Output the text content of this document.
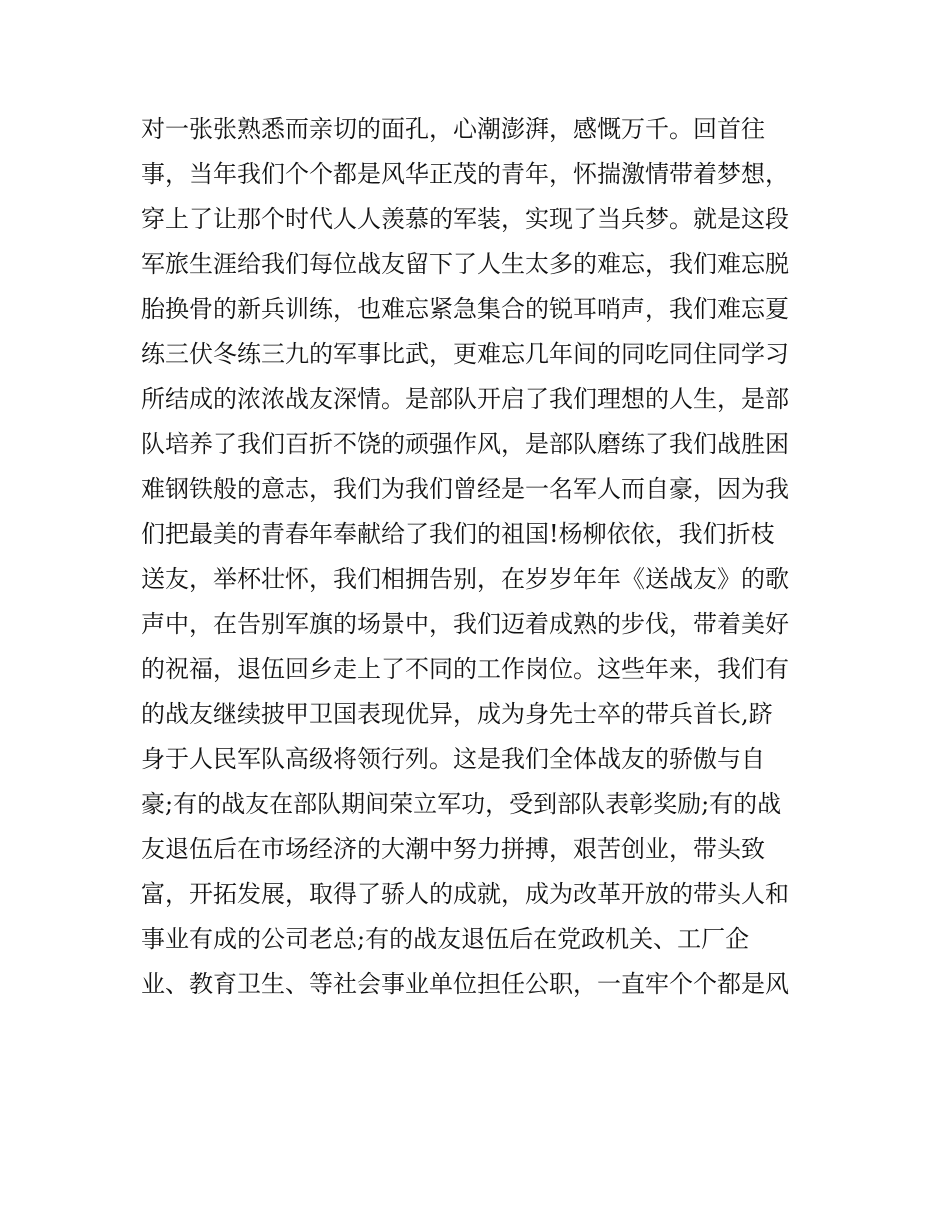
对一张张熟悉而亲切的面孔，心潮澎湃，感慨万千。回首往
事，当年我们个个都是风华正茂的青年，怀揣激情带着梦想，
穿上了让那个时代人人羡慕的军装，实现了当兵梦。就是这段
军旅生涯给我们每位战友留下了人生太多的难忘，我们难忘脱
胎换骨的新兵训练，也难忘紧急集合的锐耳哨声，我们难忘夏
练三伏冬练三九的军事比武，更难忘几年间的同吃同住同学习
所结成的浓浓战友深情。是部队开启了我们理想的人生，是部
队培养了我们百折不饶的顽强作风，是部队磨练了我们战胜困
难钢铁般的意志，我们为我们曾经是一名军人而自豪，因为我
们把最美的青春年奉献给了我们的祖国!杨柳依依，我们折枝
送友，举杯壮怀，我们相拥告别，在岁岁年年《送战友》的歌
声中，在告别军旗的场景中，我们迈着成熟的步伐，带着美好
的祝福，退伍回乡走上了不同的工作岗位。这些年来，我们有
的战友继续披甲卫国表现优异，成为身先士卒的带兵首长,跻
身于人民军队高级将领行列。这是我们全体战友的骄傲与自
豪;有的战友在部队期间荣立军功，受到部队表彰奖励;有的战
友退伍后在市场经济的大潮中努力拼搏，艰苦创业，带头致
富，开拓发展，取得了骄人的成就，成为改革开放的带头人和
事业有成的公司老总;有的战友退伍后在党政机关、工厂企
业、教育卫生、等社会事业单位担任公职，一直牢个个都是风
